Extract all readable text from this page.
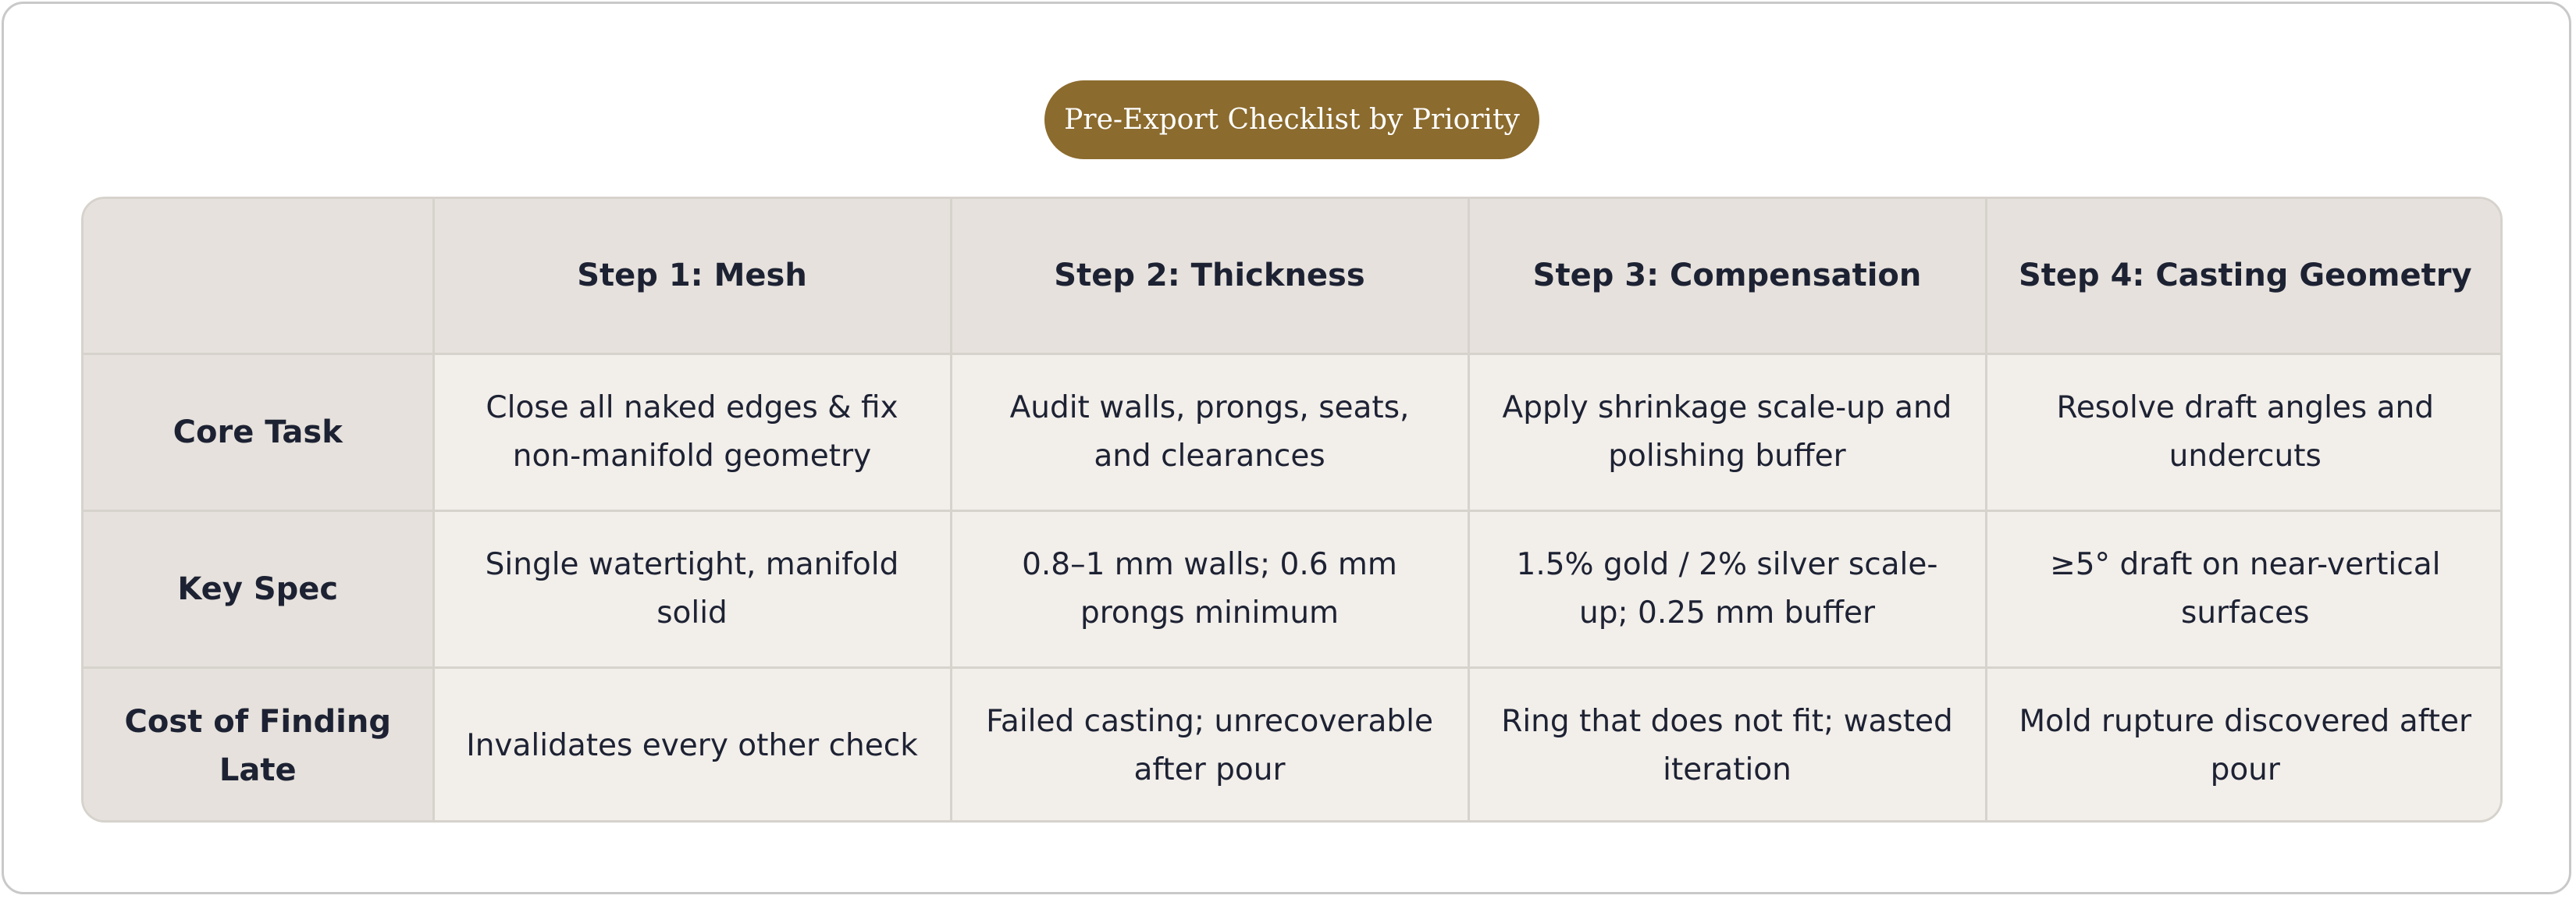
Pre-Export Checklist by Priority
	Step 1: Mesh	Step 2: Thickness	Step 3: Compensation	Step 4: Casting Geometry
Core Task	Close all naked edges & fix non-manifold geometry	Audit walls, prongs, seats, and clearances	Apply shrinkage scale-up and polishing buffer	Resolve draft angles and undercuts
Key Spec	Single watertight, manifold solid	0.8–1 mm walls; 0.6 mm prongs minimum	1.5% gold / 2% silver scale-up; 0.25 mm buffer	≥5° draft on near-vertical surfaces
Cost of Finding Late	Invalidates every other check	Failed casting; unrecoverable after pour	Ring that does not fit; wasted iteration	Mold rupture discovered after pour
